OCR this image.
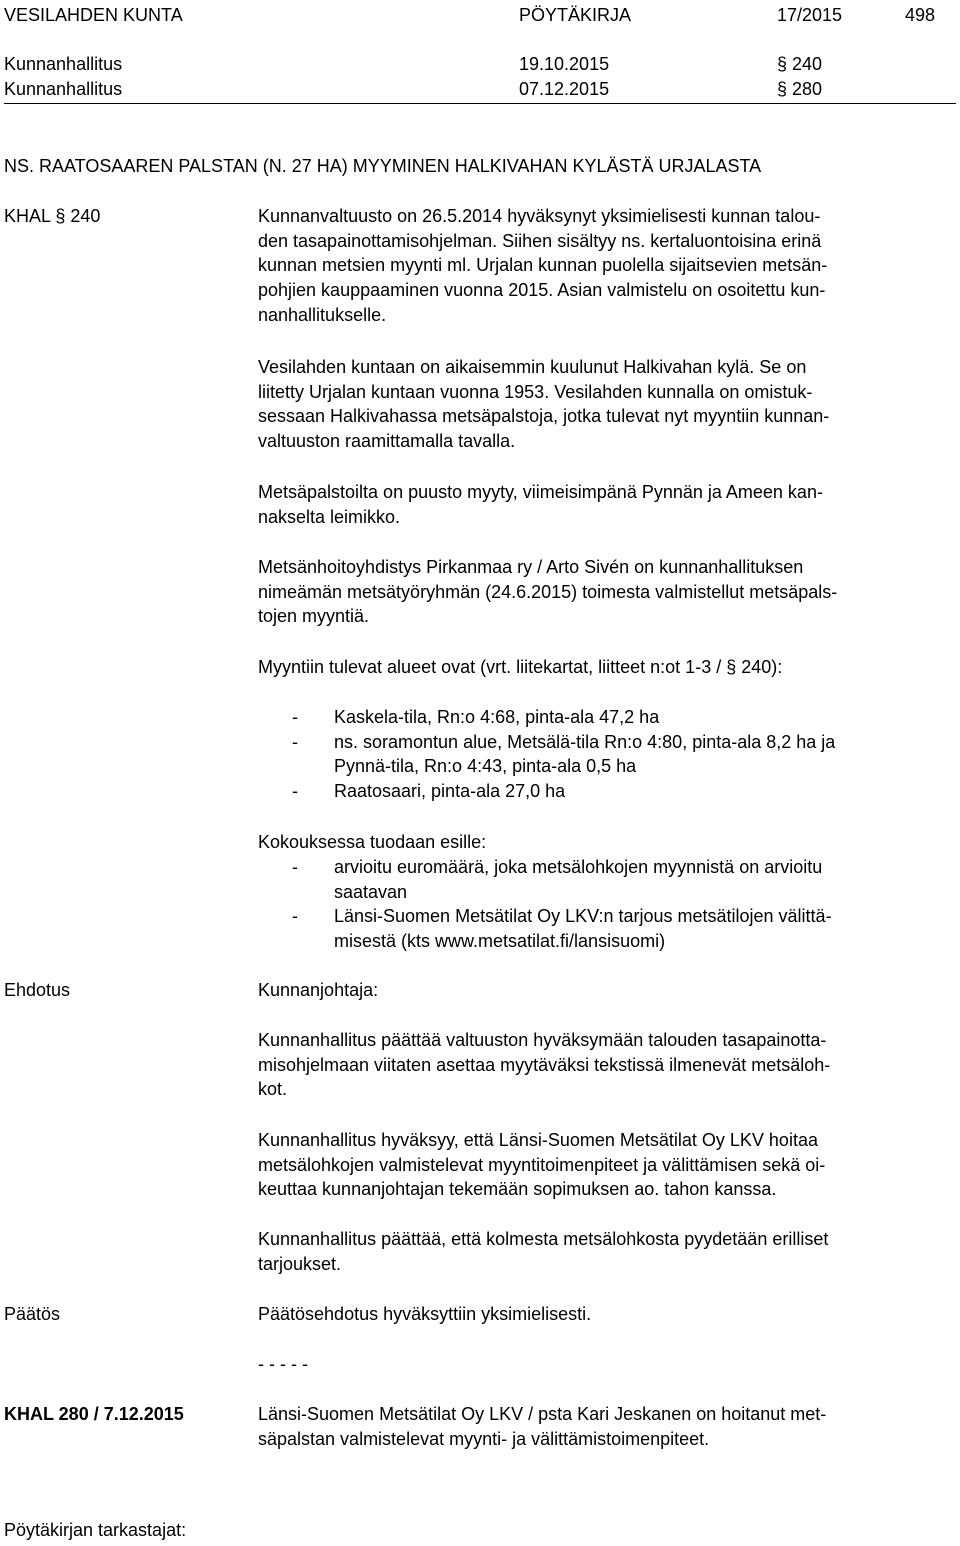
VESILAHDEN KUNTA	PÖYTÄKIRJA	17/2015	498
Kunnanhallitus	19.10.2015	§ 240
Kunnanhallitus	07.12.2015	§ 280
NS. RAATOSAAREN PALSTAN (N. 27 HA) MYYMINEN HALKIVAHAN KYLÄSTÄ URJALASTA
KHAL § 240	Kunnanvaltuusto on 26.5.2014 hyväksynyt yksimielisesti kunnan talou-
den tasapainottamisohjelman. Siihen sisältyy ns. kertaluontoisina erinä
kunnan metsien myynti ml. Urjalan kunnan puolella sijaitsevien metsän-
pohjien kauppaaminen vuonna 2015. Asian valmistelu on osoitettu kun-
nanhallitukselle.
Vesilahden kuntaan on aikaisemmin kuulunut Halkivahan kylä. Se on
liitetty Urjalan kuntaan vuonna 1953. Vesilahden kunnalla on omistuk-
sessaan Halkivahassa metsäpalstoja, jotka tulevat nyt myyntiin kunnan-
valtuuston raamittamalla tavalla.
Metsäpalstoilta on puusto myyty, viimeisimpänä Pynnän ja Ameen kan-
nakselta leimikko.
Metsänhoitoyhdistys Pirkanmaa ry / Arto Sivén on kunnanhallituksen
nimeämän metsätyöryhmän (24.6.2015) toimesta valmistellut metsäpals-
tojen myyntiä.
Myyntiin tulevat alueet ovat (vrt. liitekartat, liitteet n:ot 1-3 / § 240):
- Kaskela-tila, Rn:o 4:68, pinta-ala 47,2 ha
- ns. soramontun alue, Metsälä-tila Rn:o 4:80, pinta-ala 8,2 ha ja
Pynnä-tila, Rn:o 4:43, pinta-ala 0,5 ha
- Raatosaari, pinta-ala 27,0 ha
Kokouksessa tuodaan esille:
- arvioitu euromäärä, joka metsälohkojen myynnistä on arvioitu
saatavan
- Länsi-Suomen Metsätilat Oy LKV:n tarjous metsätilojen välittä-
misestä (kts www.metsatilat.fi/lansisuomi)
Ehdotus	Kunnanjohtaja:
Kunnanhallitus päättää valtuuston hyväksymään talouden tasapainotta-
misohjelmaan viitaten asettaa myytäväksi tekstissä ilmenevät metsäloh-
kot.
Kunnanhallitus hyväksyy, että Länsi-Suomen Metsätilat Oy LKV hoitaa
metsälohkojen valmistelevat myyntitoimenpiteet ja välittämisen sekä oi-
keuttaa kunnanjohtajan tekemään sopimuksen ao. tahon kanssa.
Kunnanhallitus päättää, että kolmesta metsälohkosta pyydetään erilliset
tarjoukset.
Päätös	Päätösehdotus hyväksyttiin yksimielisesti.
- - - - -
KHAL 280 / 7.12.2015	Länsi-Suomen Metsätilat Oy LKV / psta Kari Jeskanen on hoitanut met-
säpalstan valmistelevat myynti- ja välittämistoimenpiteet.
Pöytäkirjan tarkastajat:
